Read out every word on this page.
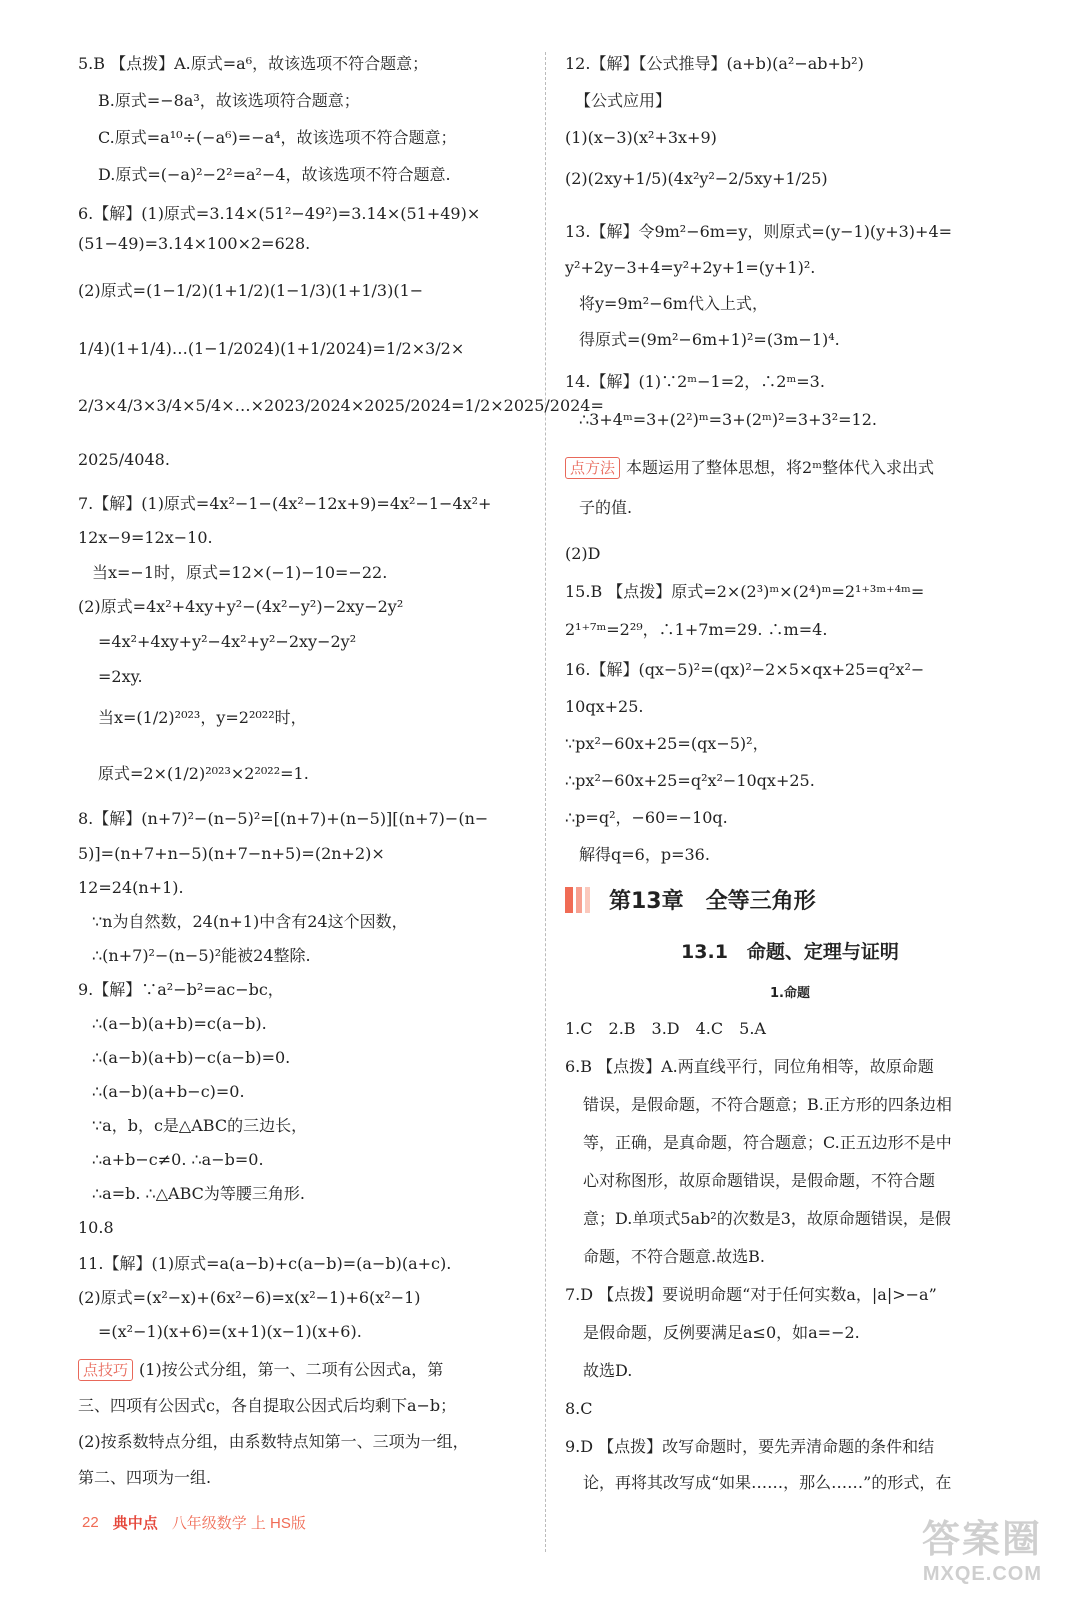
5.B 【点拨】A.原式=a⁶，故该选项不符合题意；
B.原式=−8a³，故该选项符合题意；
C.原式=a¹⁰÷(−a⁶)=−a⁴，故该选项不符合题意；
D.原式=(−a)²−2²=a²−4，故该选项不符合题意.
6.【解】(1)原式=3.14×(51²−49²)=3.14×(51+49)×
(51−49)=3.14×100×2=628.
(2)原式=(1−1/2)(1+1/2)(1−1/3)(1+1/3)(1−
1/4)(1+1/4)…(1−1/2024)(1+1/2024)=1/2×3/2×
2/3×4/3×3/4×5/4×…×2023/2024×2025/2024=1/2×2025/2024=
2025/4048.
7.【解】(1)原式=4x²−1−(4x²−12x+9)=4x²−1−4x²+
12x−9=12x−10.
当x=−1时，原式=12×(−1)−10=−22.
(2)原式=4x²+4xy+y²−(4x²−y²)−2xy−2y²
=4x²+4xy+y²−4x²+y²−2xy−2y²
=2xy.
当x=(1/2)²⁰²³，y=2²⁰²²时，
原式=2×(1/2)²⁰²³×2²⁰²²=1.
8.【解】(n+7)²−(n−5)²=[(n+7)+(n−5)][(n+7)−(n−
5)]=(n+7+n−5)(n+7−n+5)=(2n+2)×
12=24(n+1).
∵n为自然数，24(n+1)中含有24这个因数，
∴(n+7)²−(n−5)²能被24整除.
9.【解】∵a²−b²=ac−bc，
∴(a−b)(a+b)=c(a−b).
∴(a−b)(a+b)−c(a−b)=0.
∴(a−b)(a+b−c)=0.
∵a，b，c是△ABC的三边长，
∴a+b−c≠0. ∴a−b=0.
∴a=b. ∴△ABC为等腰三角形.
10.8
11.【解】(1)原式=a(a−b)+c(a−b)=(a−b)(a+c).
(2)原式=(x²−x)+(6x²−6)=x(x²−1)+6(x²−1)
=(x²−1)(x+6)=(x+1)(x−1)(x+6).
点技巧 (1)按公式分组，第一、二项有公因式a，第
三、四项有公因式c，各自提取公因式后均剩下a−b；
(2)按系数特点分组，由系数特点知第一、三项为一组，
第二、四项为一组.
12.【解】【公式推导】(a+b)(a²−ab+b²)
【公式应用】
(1)(x−3)(x²+3x+9)
(2)(2xy+1/5)(4x²y²−2/5xy+1/25)
13.【解】令9m²−6m=y，则原式=(y−1)(y+3)+4=
y²+2y−3+4=y²+2y+1=(y+1)².
将y=9m²−6m代入上式，
得原式=(9m²−6m+1)²=(3m−1)⁴.
14.【解】(1)∵2ᵐ−1=2，∴2ᵐ=3.
∴3+4ᵐ=3+(2²)ᵐ=3+(2ᵐ)²=3+3²=12.
点方法 本题运用了整体思想，将2ᵐ整体代入求出式
子的值.
(2)D
15.B 【点拨】原式=2×(2³)ᵐ×(2⁴)ᵐ=2¹⁺³ᵐ⁺⁴ᵐ=
2¹⁺⁷ᵐ=2²⁹，∴1+7m=29. ∴m=4.
16.【解】(qx−5)²=(qx)²−2×5×qx+25=q²x²−
10qx+25.
∵px²−60x+25=(qx−5)²，
∴px²−60x+25=q²x²−10qx+25.
∴p=q²，−60=−10q.
解得q=6，p=36.
第13章　全等三角形
13.1　命题、定理与证明
1.命题
22 典中点 八年级数学 上 HS版	答案圈
MXQE.COM
1.C　2.B　3.D　4.C　5.A
6.B 【点拨】A.两直线平行，同位角相等，故原命题
错误，是假命题，不符合题意；B.正方形的四条边相
等，正确，是真命题，符合题意；C.正五边形不是中
心对称图形，故原命题错误，是假命题，不符合题
意；D.单项式5ab²的次数是3，故原命题错误，是假
命题，不符合题意.故选B.
7.D 【点拨】要说明命题“对于任何实数a，|a|>−a”
是假命题，反例要满足a≤0，如a=−2.
故选D.
8.C
9.D 【点拨】改写命题时，要先弄清命题的条件和结
论，再将其改写成“如果……，那么……”的形式，在
